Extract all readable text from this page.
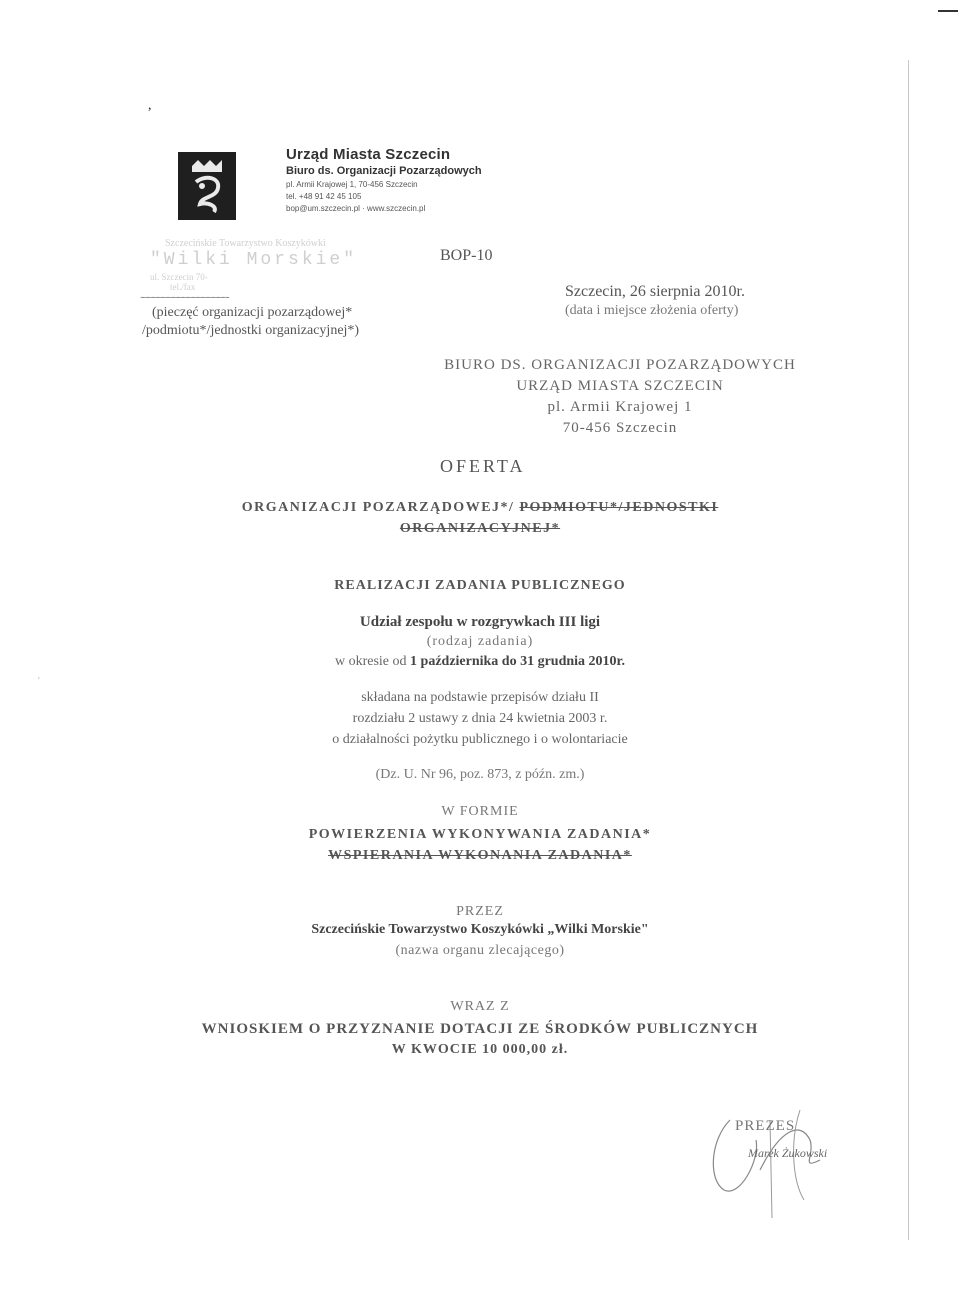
,
'
Urząd Miasta Szczecin
Biuro ds. Organizacji Pozarządowych
pl. Armii Krajowej 1, 70-456 Szczecin
tel. +48 91 42 45 105
bop@um.szczecin.pl · www.szczecin.pl
Szczecińskie Towarzystwo Koszykówki
"Wilki Morskie"
ul. Szczecin 70-
tel./fax
.......................................................................
BOP-10
(pieczęć organizacji pozarządowej*
/podmiotu*/jednostki organizacyjnej*)
Szczecin, 26 sierpnia 2010r.
(data i miejsce złożenia oferty)
BIURO DS. ORGANIZACJI POZARZĄDOWYCH
URZĄD MIASTA SZCZECIN
pl. Armii Krajowej 1
70-456 Szczecin
OFERTA
ORGANIZACJI POZARZĄDOWEJ*/ PODMIOTU*/JEDNOSTKI
ORGANIZACYJNEJ*
REALIZACJI ZADANIA PUBLICZNEGO
Udział zespołu w rozgrywkach III ligi
(rodzaj zadania)
w okresie od 1 października do 31 grudnia 2010r.
składana na podstawie przepisów działu II
rozdziału 2 ustawy z dnia 24 kwietnia 2003 r.
o działalności pożytku publicznego i o wolontariacie
(Dz. U. Nr 96, poz. 873, z późn. zm.)
W FORMIE
POWIERZENIA WYKONYWANIA ZADANIA*
WSPIERANIA WYKONANIA ZADANIA*
PRZEZ
Szczecińskie Towarzystwo Koszykówki „Wilki Morskie"
(nazwa organu zlecającego)
WRAZ Z
WNIOSKIEM O PRZYZNANIE DOTACJI ZE ŚRODKÓW PUBLICZNYCH
W KWOCIE 10 000,00 zł.
PREZES
Marek Żukowski
